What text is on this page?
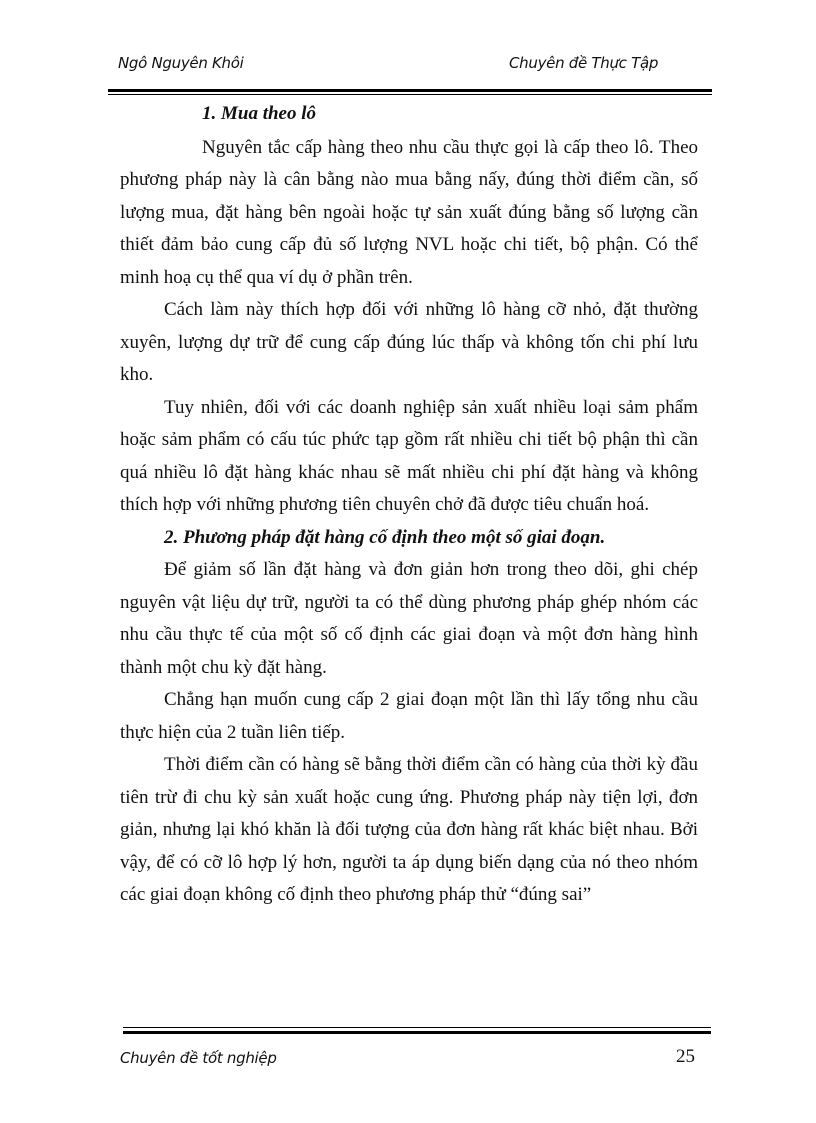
Ngô Nguyên Khôi	Chuyên đề Thực Tập
1. Mua theo lô

Nguyên tắc cấp hàng theo nhu cầu thực gọi là cấp theo lô. Theo phương pháp này là cân bằng nào mua bằng nấy, đúng thời điểm cần, số lượng mua, đặt hàng bên ngoài hoặc tự sản xuất đúng bằng số lượng cần thiết đảm bảo cung cấp đủ số lượng NVL hoặc chi tiết, bộ phận. Có thể minh hoạ cụ thể qua ví dụ ở phần trên.

Cách làm này thích hợp đối với những lô hàng cỡ nhỏ, đặt thường xuyên, lượng dự trữ để cung cấp đúng lúc thấp và không tốn chi phí lưu kho.

Tuy nhiên, đối với các doanh nghiệp sản xuất nhiều loại sảm phẩm hoặc sảm phẩm có cấu túc phức tạp gồm rất nhiều chi tiết bộ phận thì cần quá nhiều lô đặt hàng khác nhau sẽ mất nhiều chi phí đặt hàng và không thích hợp với những phương tiên chuyên chở đã được tiêu chuẩn hoá.

2. Phương pháp đặt hàng cố định theo một số giai đoạn.

Để giảm số lần đặt hàng và đơn giản hơn trong theo dõi, ghi chép nguyên vật liệu dự trữ, người ta có thể dùng phương pháp ghép nhóm các nhu cầu thực tế của một số cố định các giai đoạn và một đơn hàng hình thành một chu kỳ đặt hàng.

Chẳng hạn muốn cung cấp 2 giai đoạn một lần thì lấy tổng nhu cầu thực hiện của 2 tuần liên tiếp.

Thời điểm cần có hàng sẽ bằng thời điểm cần có hàng của thời kỳ đầu tiên trừ đi chu kỳ sản xuất hoặc cung ứng. Phương pháp này tiện lợi, đơn giản, nhưng lại khó khăn là đối tượng của đơn hàng rất khác biệt nhau. Bởi vậy, để có cỡ lô hợp lý hơn, người ta áp dụng biến dạng của nó theo nhóm các giai đoạn không cố định theo phương pháp thử “đúng sai”

Chuyên đề tốt nghiệp	25
